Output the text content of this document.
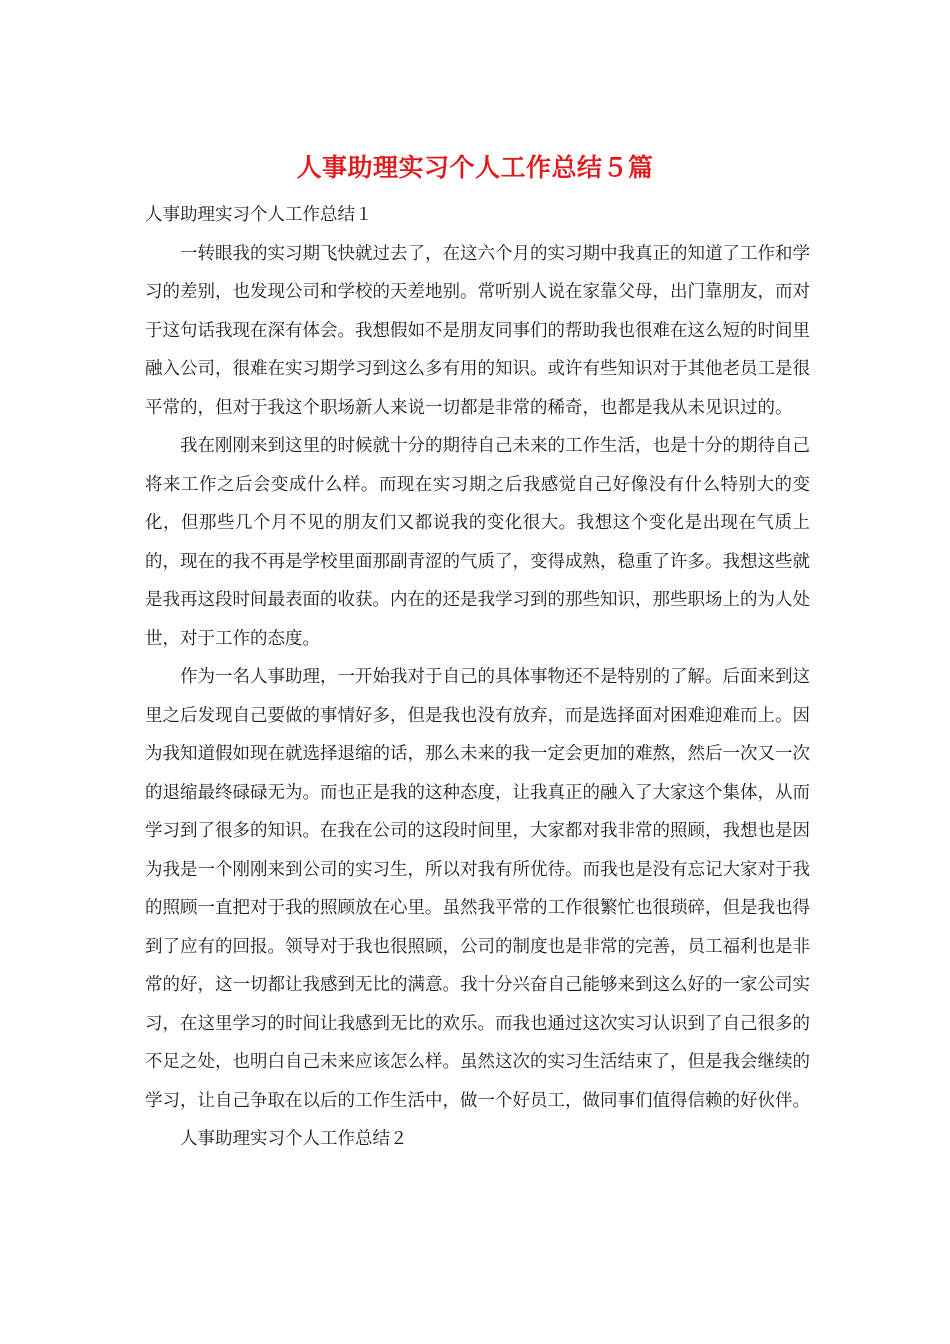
人事助理实习个人工作总结５篇

人事助理实习个人工作总结１

一转眼我的实习期飞快就过去了，在这六个月的实习期中我真正的知道了工作和学习的差别，也发现公司和学校的天差地别。常听别人说在家靠父母，出门靠朋友，而对于这句话我现在深有体会。我想假如不是朋友同事们的帮助我也很难在这么短的时间里融入公司，很难在实习期学习到这么多有用的知识。或许有些知识对于其他老员工是很平常的，但对于我这个职场新人来说一切都是非常的稀奇，也都是我从未见识过的。

我在刚刚来到这里的时候就十分的期待自己未来的工作生活，也是十分的期待自己将来工作之后会变成什么样。而现在实习期之后我感觉自己好像没有什么特别大的变化，但那些几个月不见的朋友们又都说我的变化很大。我想这个变化是出现在气质上的，现在的我不再是学校里面那副青涩的气质了，变得成熟，稳重了许多。我想这些就是我再这段时间最表面的收获。内在的还是我学习到的那些知识，那些职场上的为人处世，对于工作的态度。

作为一名人事助理，一开始我对于自己的具体事物还不是特别的了解。后面来到这里之后发现自己要做的事情好多，但是我也没有放弃，而是选择面对困难迎难而上。因为我知道假如现在就选择退缩的话，那么未来的我一定会更加的难熬，然后一次又一次的退缩最终碌碌无为。而也正是我的这种态度，让我真正的融入了大家这个集体，从而学习到了很多的知识。在我在公司的这段时间里，大家都对我非常的照顾，我想也是因为我是一个刚刚来到公司的实习生，所以对我有所优待。而我也是没有忘记大家对于我的照顾一直把对于我的照顾放在心里。虽然我平常的工作很繁忙也很琐碎，但是我也得到了应有的回报。领导对于我也很照顾，公司的制度也是非常的完善，员工福利也是非常的好，这一切都让我感到无比的满意。我十分兴奋自己能够来到这么好的一家公司实习，在这里学习的时间让我感到无比的欢乐。而我也通过这次实习认识到了自己很多的不足之处，也明白自己未来应该怎么样。虽然这次的实习生活结束了，但是我会继续的学习，让自己争取在以后的工作生活中，做一个好员工，做同事们值得信赖的好伙伴。

人事助理实习个人工作总结２
